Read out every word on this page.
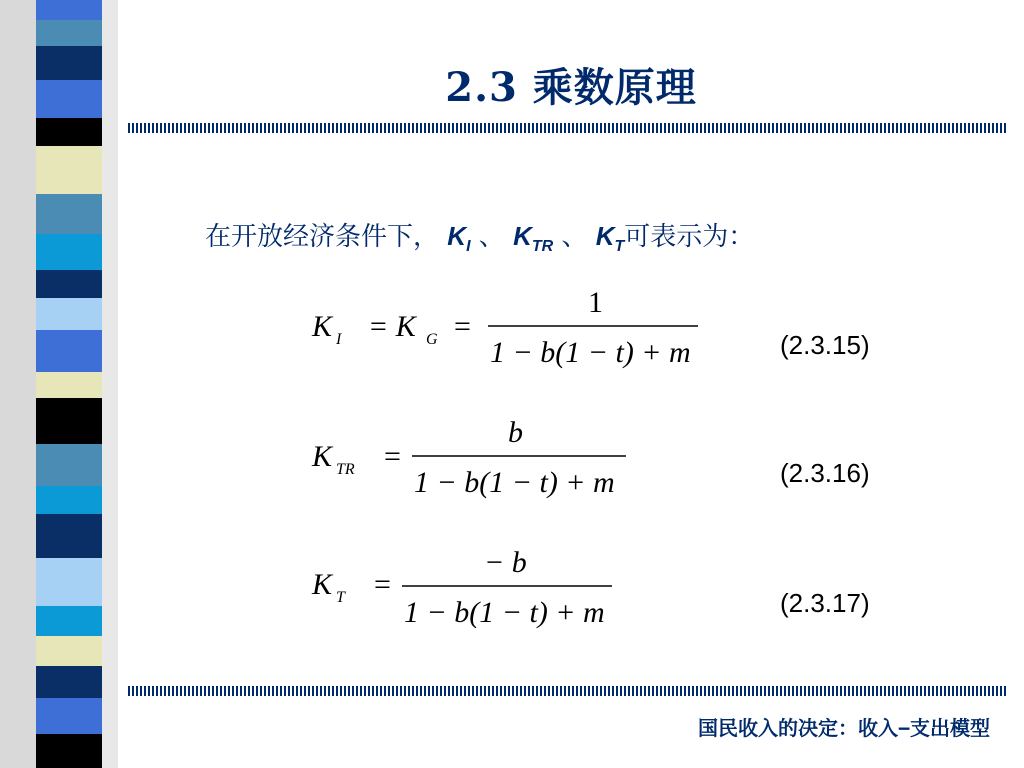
2.3 乘数原理
在开放经济条件下， $K_I$ 、 $K_{TR}$ 、 $K_T$可表示为：
K I = K G =
1
1 − b(1 − t) + m	(2.3.15)
K TR =
b
1 − b(1 − t) + m	(2.3.16)
K T =
− b
1 − b(1 − t) + m	(2.3.17)
国民收入的决定：收入−支出模型
